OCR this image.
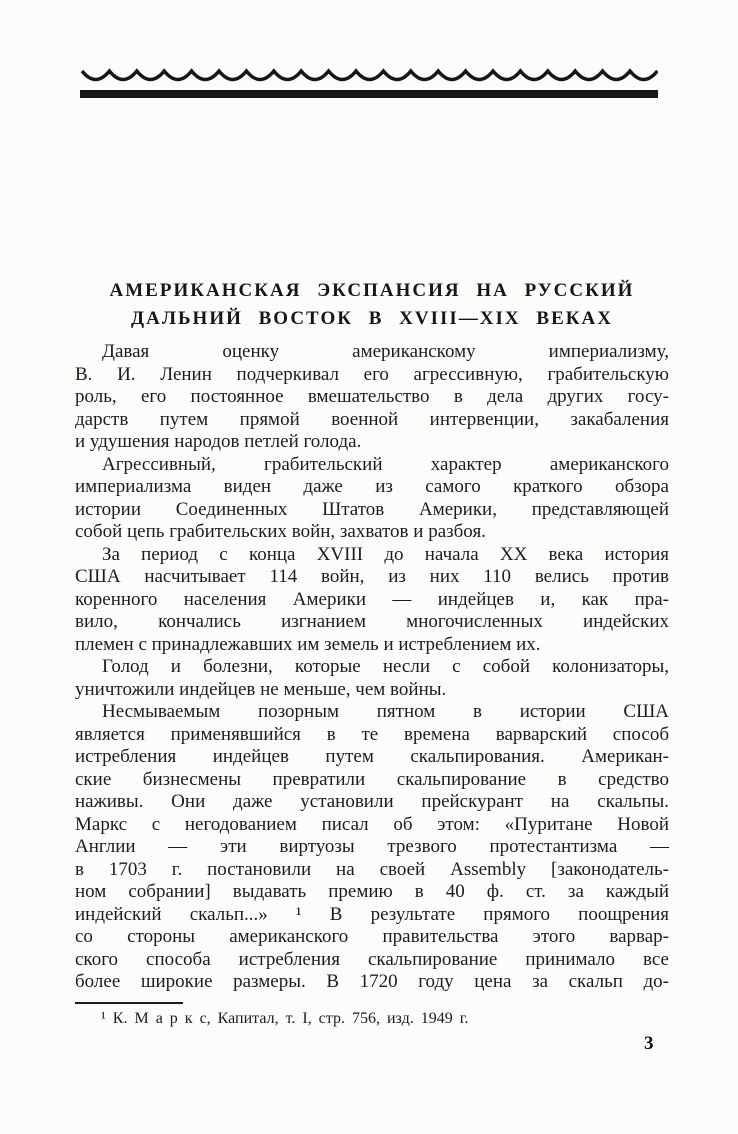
АМЕРИКАНСКАЯ ЭКСПАНСИЯ НА РУССКИЙ
ДАЛЬНИЙ ВОСТОК В XVIII—XIX ВЕКАХ
Давая оценку американскому империализму,
В. И. Ленин подчеркивал его агрессивную, грабительскую
роль, его постоянное вмешательство в дела других госу-
дарств путем прямой военной интервенции, закабаления
и удушения народов петлей голода.
Агрессивный, грабительский характер американского
империализма виден даже из самого краткого обзора
истории Соединенных Штатов Америки, представляющей
собой цепь грабительских войн, захватов и разбоя.
За период с конца XVIII до начала XX века история
США насчитывает 114 войн, из них 110 велись против
коренного населения Америки — индейцев и, как пра-
вило, кончались изгнанием многочисленных индейских
племен с принадлежавших им земель и истреблением их.
Голод и болезни, которые несли с собой колонизаторы,
уничтожили индейцев не меньше, чем войны.
Несмываемым позорным пятном в истории США
является применявшийся в те времена варварский способ
истребления индейцев путем скальпирования. Американ-
ские бизнесмены превратили скальпирование в средство
наживы. Они даже установили прейскурант на скальпы.
Маркс с негодованием писал об этом: «Пуритане Новой
Англии — эти виртуозы трезвого протестантизма —
в 1703 г. постановили на своей Assembly [законодатель-
ном собрании] выдавать премию в 40 ф. ст. за каждый
индейский скальп...» ¹ В результате прямого поощрения
со стороны американского правительства этого варвар-
ского способа истребления скальпирование принимало все
более широкие размеры. В 1720 году цена за скальп до-
¹ К. М а р к с, Капитал, т. I, стр. 756, изд. 1949 г.
3
